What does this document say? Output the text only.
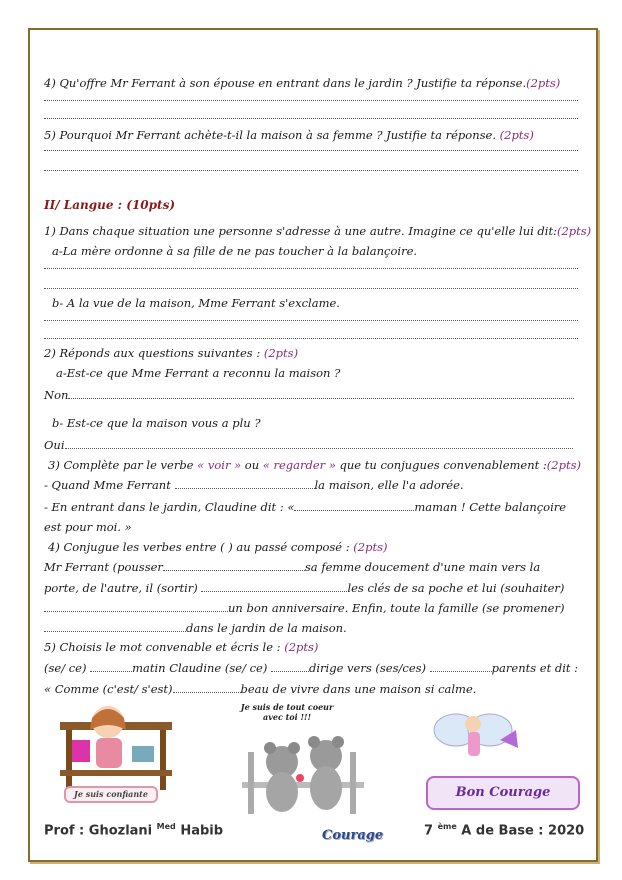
4) Qu'offre Mr Ferrant à son épouse en entrant dans le jardin ? Justifie ta réponse.(2pts)
5) Pourquoi Mr Ferrant achète-t-il la maison à sa femme ? Justifie ta réponse. (2pts)
II/ Langue : (10pts)
1) Dans chaque situation une personne s'adresse à une autre. Imagine ce qu'elle lui dit:(2pts)
a-La mère ordonne à sa fille de ne pas toucher à la balançoire.
b- A la vue de la maison, Mme Ferrant s'exclame.
2) Réponds aux questions suivantes : (2pts)
a-Est-ce que Mme Ferrant a reconnu la maison ?
Non
b- Est-ce que la maison vous a plu ?
Oui
3) Complète par le verbe « voir » ou « regarder » que tu conjugues convenablement :(2pts)
- Quand Mme Ferrant	la maison, elle l'a adorée.
- En entrant dans le jardin, Claudine dit : «	maman ! Cette balançoire
est pour moi. »
4) Conjugue les verbes entre ( ) au passé composé : (2pts)
Mr Ferrant (pousser	sa femme doucement d'une main vers la
porte, de l'autre, il (sortir)	les clés de sa poche et lui (souhaiter)
un bon anniversaire. Enfin, toute la famille (se promener)
dans le jardin de la maison.
5) Choisis le mot convenable et écris le : (2pts)
(se/ ce)	matin Claudine (se/ ce)	dirige vers (ses/ces)	parents et dit :
« Comme (c'est/ s'est)	beau de vivre dans une maison si calme.
Je suis confiante
Je suis de tout coeur avec toi !!!
Bon Courage
Prof : Ghozlani $^{Med}$ Habib	Courage	7 $^{ème}$ A de Base : 2020
